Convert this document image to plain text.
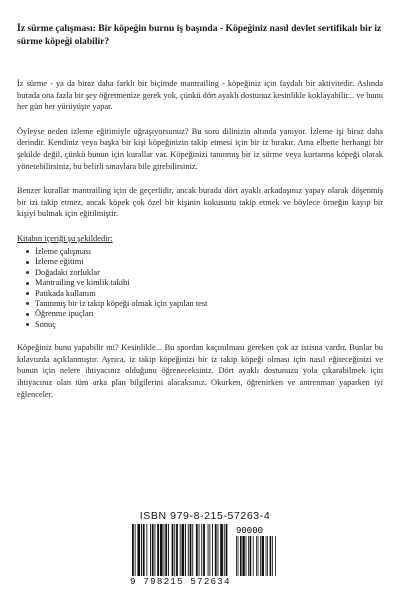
İz sürme çalışması: Bir köpeğin burnu iş başında - Köpeğiniz nasıl devlet sertifikalı bir iz sürme köpeği olabilir?

İz sürme - ya da biraz daha farklı bir biçimde mantrailing - köpeğiniz için faydalı bir aktivitedir. Aslında burada ona fazla bir şey öğretmenize gerek yok, çünkü dört ayaklı dostunuz kesinlikle koklayabilir... ve bunu her gün her yürüyüşte yapar.

Öyleyse neden izleme eğitimiyle uğraşıyorsunuz? Bu soru dilinizin altında yanıyor. İzleme işi biraz daha derindir. Kendiniz veya başka bir kişi köpeğinizin takip etmesi için bir iz bırakır. Ama elbette herhangi bir şekilde değil, çünkü bunun için kurallar var. Köpeğinizi tanınmış bir iz sürme veya kurtarma köpeği olarak yönetebilirsiniz, bu belirli sınavlara bile girebilirsiniz.

Benzer kurallar mantrailing için de geçerlidir, ancak burada dört ayaklı arkadaşınız yapay olarak döşenmiş bir izi takip etmez, ancak köpek çok özel bir kişinin kokusunu takip etmek ve böylece örneğin kayıp bir kişiyi bulmak için eğitilmiştir.

Kitabın içeriği şu şekildedir:
İzleme çalışması
İzleme eğitimi
Doğadaki zorluklar
Mantrailing ve kimlik takibi
Patikada kullanım
Tanınmış bir iz takip köpeği olmak için yapılan test
Öğrenme ipuçları
Sonuç

Köpeğiniz bunu yapabilir mi? Kesinlikle... Bu spordan kaçınılması gereken çok az istisna vardır. Bunlar bu kılavuzda açıklanmıştır. Ayrıca, iz takip köpeğinizi bir iz takip köpeği olması için nasıl eğiteceğinizi ve bunun için nelere ihtiyacınız olduğunu öğreneceksiniz. Dört ayaklı dostunuzu yola çıkarabilmek için ihtiyacınız olan tüm arka plan bilgilerini alacaksınız. Okurken, öğrenirken ve antrenman yaparken iyi eğlenceler.

ISBN 979-8-215-57263-4
90000
9 798215 572634
